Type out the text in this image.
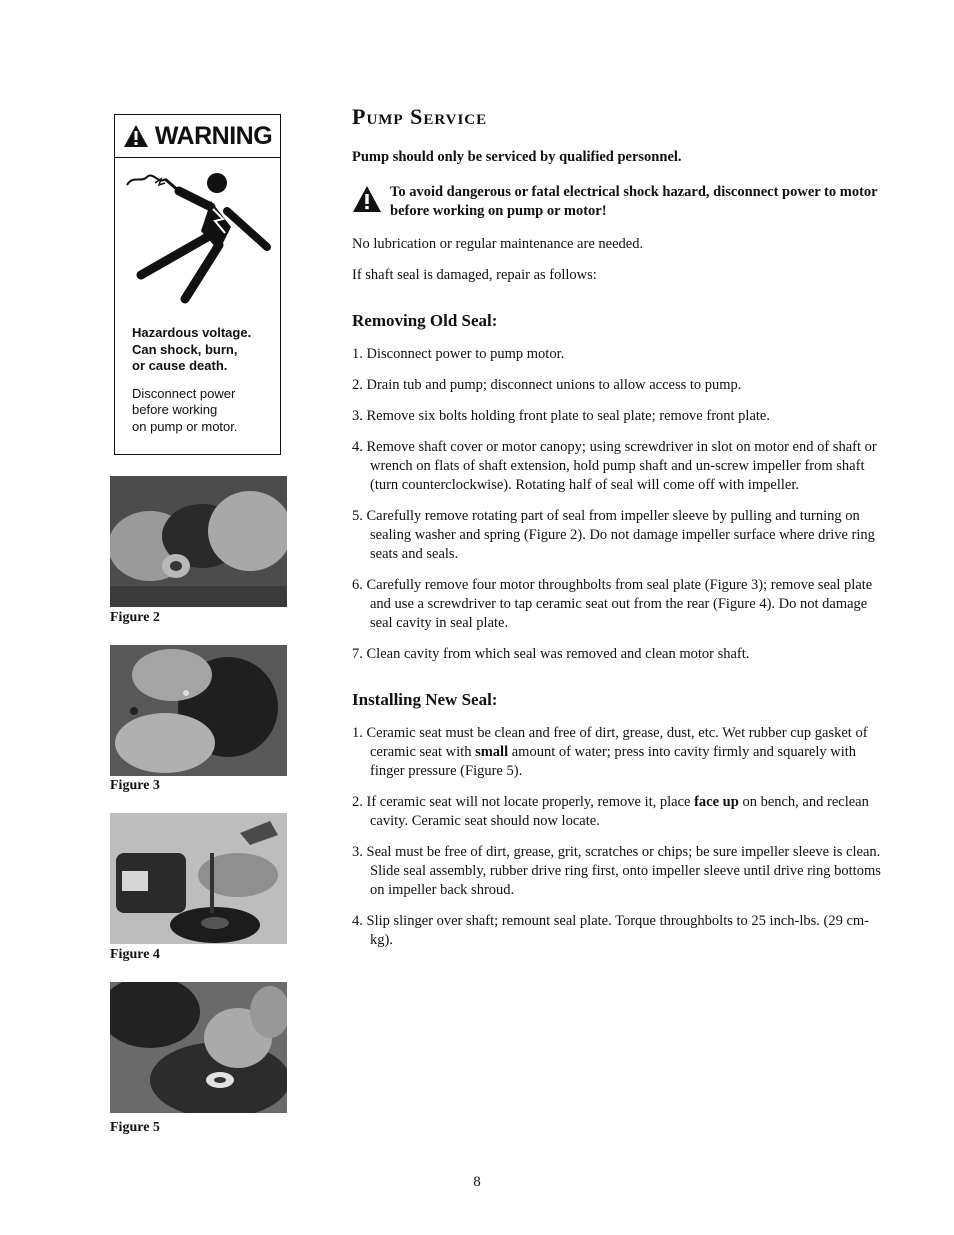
WARNING

Hazardous voltage.
Can shock, burn,
or cause death.

Disconnect power
before working
on pump or motor.

Figure 2
Figure 3
Figure 4
Figure 5
Pump Service

Pump should only be serviced by qualified personnel.

To avoid dangerous or fatal electrical shock hazard, disconnect power to motor before working on pump or motor!

No lubrication or regular maintenance are needed.

If shaft seal is damaged, repair as follows:

Removing Old Seal:

1. Disconnect power to pump motor.

2. Drain tub and pump; disconnect unions to allow access to pump.

3. Remove six bolts holding front plate to seal plate; remove front plate.

4. Remove shaft cover or motor canopy; using screwdriver in slot on motor end of shaft or wrench on flats of shaft extension, hold pump shaft and un-screw impeller from shaft (turn counterclockwise). Rotating half of seal will come off with impeller.

5. Carefully remove rotating part of seal from impeller sleeve by pulling and turning on sealing washer and spring (Figure 2). Do not damage impeller surface where drive ring seats and seals.

6. Carefully remove four motor throughbolts from seal plate (Figure 3); remove seal plate and use a screwdriver to tap ceramic seat out from the rear (Figure 4). Do not damage seal cavity in seal plate.

7. Clean cavity from which seal was removed and clean motor shaft.

Installing New Seal:

1. Ceramic seat must be clean and free of dirt, grease, dust, etc. Wet rubber cup gasket of ceramic seat with small amount of water; press into cavity firmly and squarely with finger pressure (Figure 5).

2. If ceramic seat will not locate properly, remove it, place face up on bench, and reclean cavity. Ceramic seat should now locate.

3. Seal must be free of dirt, grease, grit, scratches or chips; be sure impeller sleeve is clean. Slide seal assembly, rubber drive ring first, onto impeller sleeve until drive ring bottoms on impeller back shroud.

4. Slip slinger over shaft; remount seal plate. Torque throughbolts to 25 inch-lbs. (29 cm-kg).

8
